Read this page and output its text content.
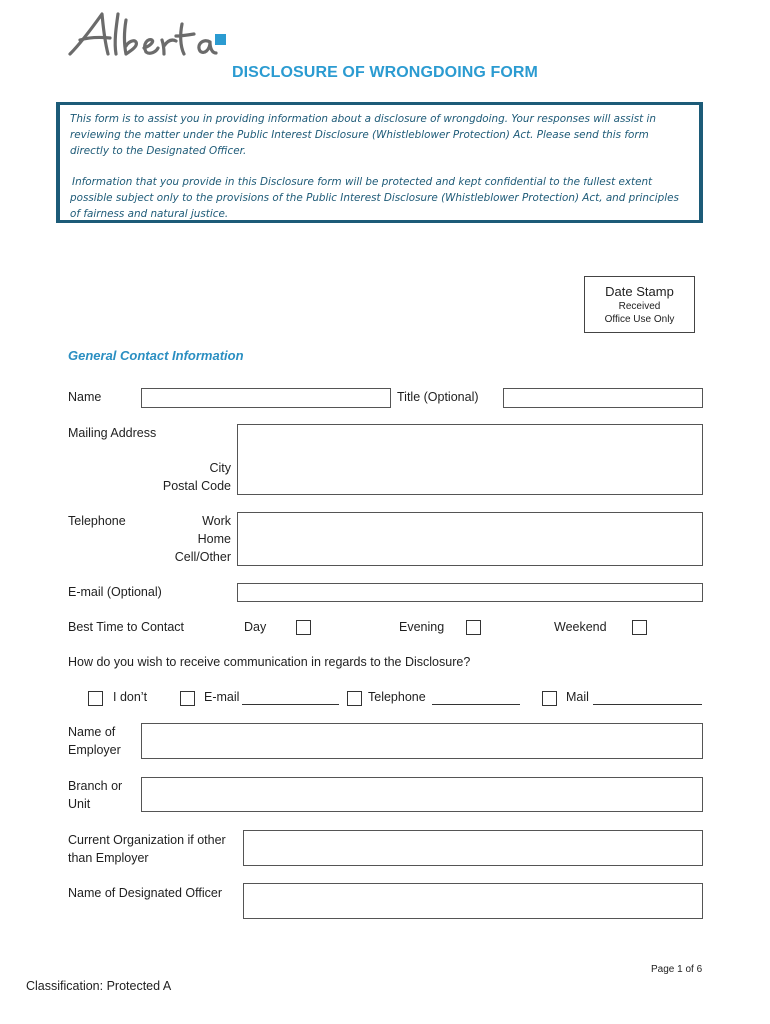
DISCLOSURE OF WRONGDOING FORM

This form is to assist you in providing information about a disclosure of wrongdoing. Your responses will assist in reviewing the matter under the Public Interest Disclosure (Whistleblower Protection) Act. Please send this form directly to the Designated Officer.

Information that you provide in this Disclosure form will be protected and kept confidential to the fullest extent possible subject only to the provisions of the Public Interest Disclosure (Whistleblower Protection) Act, and principles of fairness and natural justice.

Date Stamp
Received
Office Use Only
General Contact Information
Name	Title (Optional)
Mailing Address
City
Postal Code
Telephone	Work
Home
Cell/Other
E-mail (Optional)
Best Time to Contact	Day	Evening	Weekend
How do you wish to receive communication in regards to the Disclosure?
I don’t	E-mail	Telephone	Mail
Name of
Employer
Branch or
Unit
Current Organization if other
than Employer
Name of Designated Officer
Page 1 of 6
Classification: Protected A
